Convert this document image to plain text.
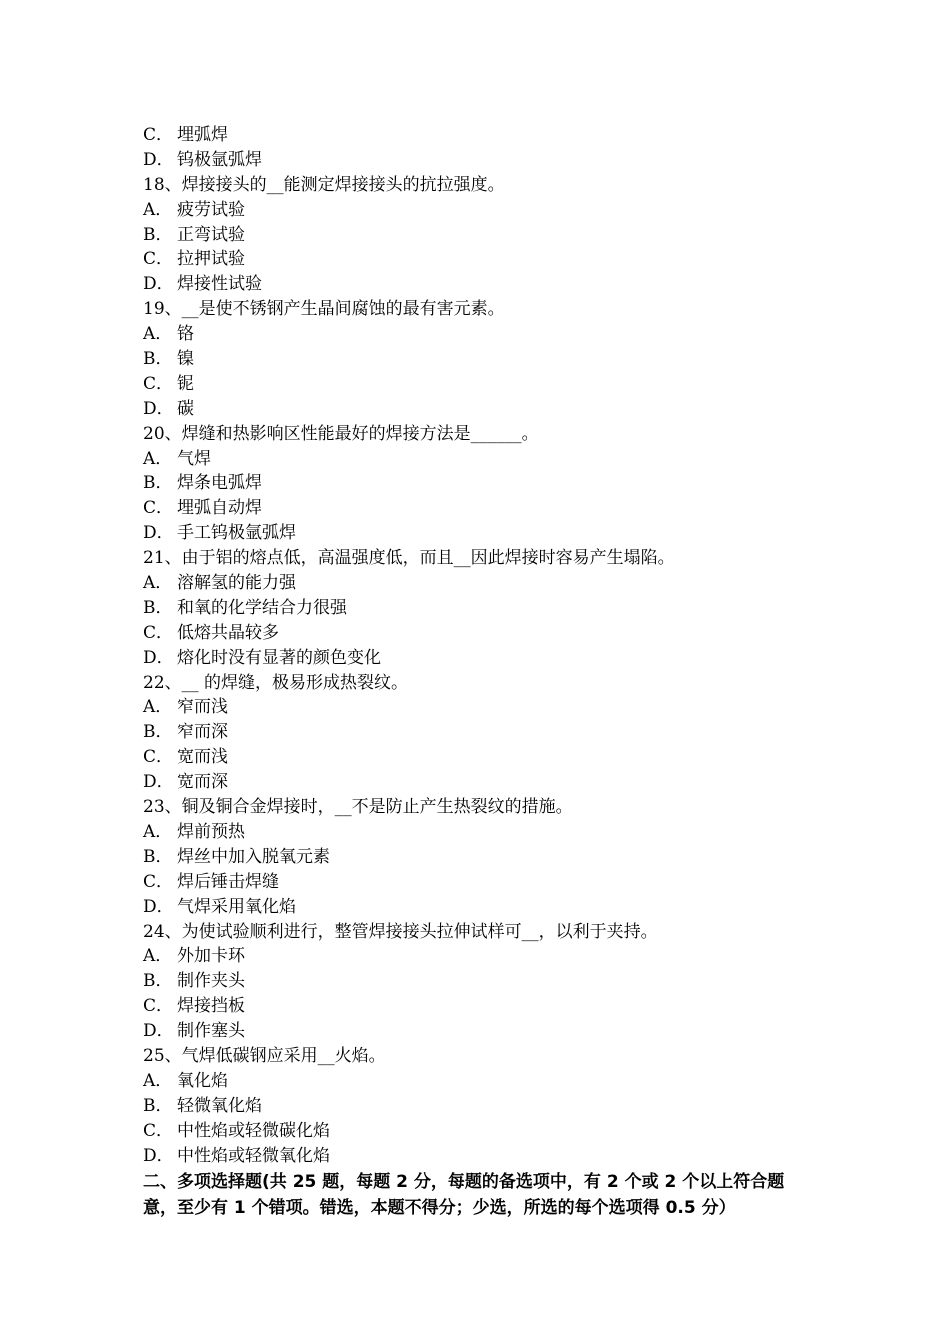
C． 埋弧焊
D． 钨极氩弧焊
18、焊接接头的__能测定焊接接头的抗拉强度。
A． 疲劳试验
B． 正弯试验
C． 拉押试验
D． 焊接性试验
19、__是使不锈钢产生晶间腐蚀的最有害元素。
A． 铬
B． 镍
C． 铌
D． 碳
20、焊缝和热影响区性能最好的焊接方法是______。
A． 气焊
B． 焊条电弧焊
C． 埋弧自动焊
D． 手工钨极氩弧焊
21、由于铝的熔点低，高温强度低，而且__因此焊接时容易产生塌陷。
A． 溶解氢的能力强
B． 和氧的化学结合力很强
C． 低熔共晶较多
D． 熔化时没有显著的颜色变化
22、__ 的焊缝，极易形成热裂纹。
A． 窄而浅
B． 窄而深
C． 宽而浅
D． 宽而深
23、铜及铜合金焊接时，__不是防止产生热裂纹的措施。
A． 焊前预热
B． 焊丝中加入脱氧元素
C． 焊后锤击焊缝
D． 气焊采用氧化焰
24、为使试验顺利进行，整管焊接接头拉伸试样可__，以利于夹持。
A． 外加卡环
B． 制作夹头
C． 焊接挡板
D． 制作塞头
25、气焊低碳钢应采用__火焰。
A． 氧化焰
B． 轻微氧化焰
C． 中性焰或轻微碳化焰
D． 中性焰或轻微氧化焰
二、多项选择题(共 25 题，每题 2 分，每题的备选项中，有 2 个或 2 个以上符合题意，至少有 1 个错项。错选，本题不得分；少选，所选的每个选项得 0.5 分）
